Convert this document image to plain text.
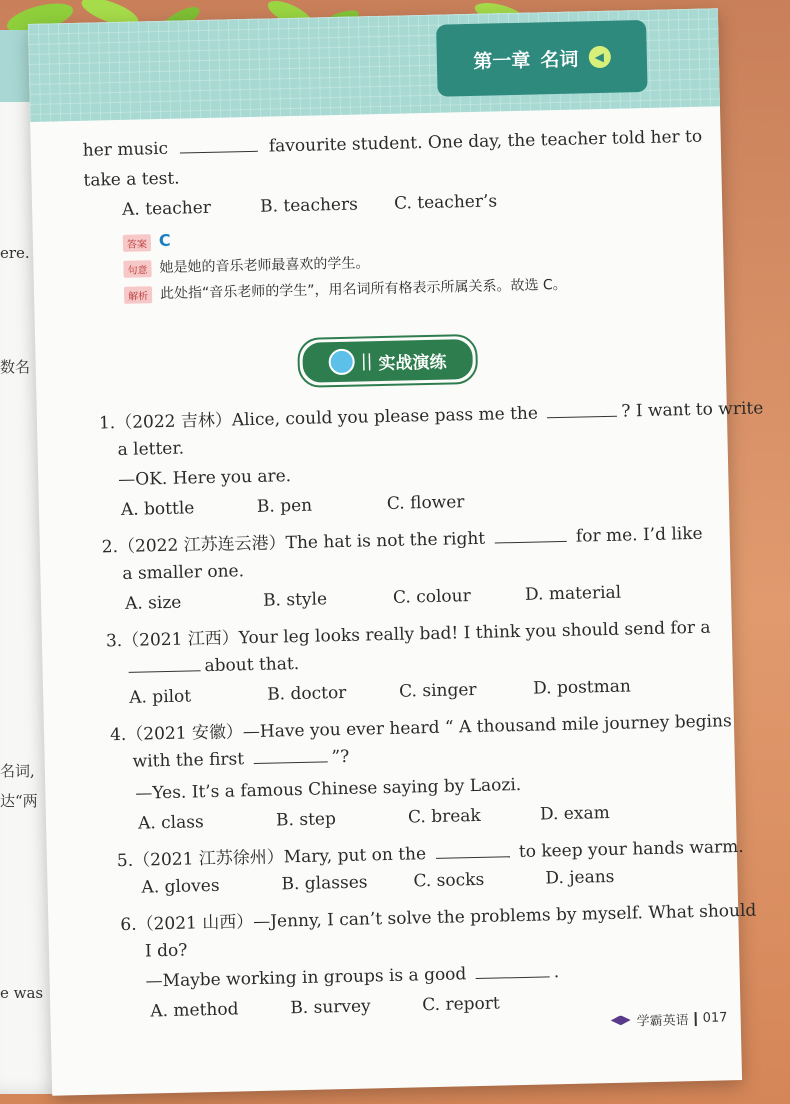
ere.
数名
名词,
达“两
e was
第一章 名词	◀
her music	favourite student. One day, the teacher told her to
take a test.
A. teacher	B. teachers C. teacher’s
答案 C
句意 她是她的音乐老师最喜欢的学生。
解析 此处指“音乐老师的学生”，用名词所有格表示所属关系。故选 C。
|| 实战演练
1.（2022 吉林）Alice, could you please pass me the	? I want to write
a letter.
—OK. Here you are.
A. bottle	B. pen	C. flower
2.（2022 江苏连云港）The hat is not the right	for me. I’d like
a smaller one.
A. size	B. style	C. colour	D. material
3.（2021 江西）Your leg looks really bad! I think you should send for a
about that.
A. pilot	B. doctor	C. singer	D. postman
4.（2021 安徽）—Have you ever heard “ A thousand mile journey begins
with the first	”?
—Yes. It’s a famous Chinese saying by Laozi.
A. class	B. step	C. break	D. exam
5.（2021 江苏徐州）Mary, put on the	to keep your hands warm.
A. gloves	B. glasses	C. socks	D. jeans
6.（2021 山西）—Jenny, I can’t solve the problems by myself. What should
I do?
—Maybe working in groups is a good	.
A. method	B. survey	C. report
学霸英语 017
